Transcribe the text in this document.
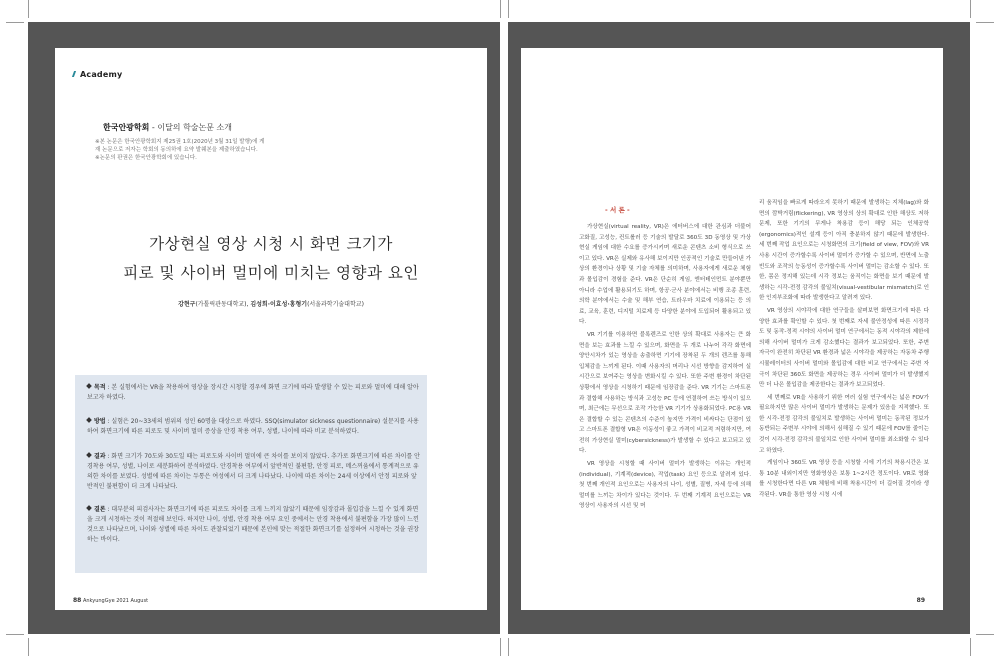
Academy
한국안광학회 - 이달의 학술논문 소개
※본 논문은 한국안광학회지 제25권 1호(2020년 3월 31일 발행)에 게재 논문으로 저자는 학회의 동의하에 요약 발췌본을 제출하였습니다.
※논문의 판권은 한국안광학회에 있습니다.
가상현실 영상 시청 시 화면 크기가
피로 및 사이버 멀미에 미치는 영향과 요인
강현구(가톨릭관동대학교), 김성희·이효성·홍형기(서울과학기술대학교)
목적 : 본 실험에서는 VR을 착용하여 영상을 장시간 시청할 경우에 화면 크기에 따라 발생할 수 있는 피로와 멀미에 대해 알아보고자 하였다.
방법 : 실험은 20~33세의 범위의 성인 60명을 대상으로 하였다. SSQ(simulator sickness questionnaire) 설문지를 사용하여 화면크기에 따른 피로도 및 사이버 멀미 증상을 안경 착용 여부, 성별, 나이에 따라 비교 분석하였다.
결과 : 화면 크기가 70도와 30도일 때는 피로도와 사이버 멀미에 큰 차이를 보이지 않았다. 추가로 화면크기에 따른 차이를 안경착용 여부, 성별, 나이로 세분화하여 분석하였다. 안경착용 여부에서 앞반적인 불편함, 안정 피로, 메스꺼움에서 통계적으로 유의한 차이를 보였다. 성별에 따른 차이는 두통은 여성에서 더 크게 나타났다. 나이에 따른 차이는 24세 이상에서 안정 피로와 앞반적인 불편함이 더 크게 나타났다.
결론 : 대부분의 피검사자는 화면크기에 따른 피로도 차이를 크게 느끼지 않았기 때문에 임장감과 몰입감을 느낄 수 있게 화면을 크게 시청하는 것이 적절해 보인다. 하지만 나이, 성별, 안경 착용 여부 요인 중에서는 안경 착용에서 불편함을 가장 많이 느낀 것으로 나타났으며, 나이와 성별에 따른 차이도 관찰되었기 때문에 본인에 맞는 적절한 화면크기를 설정하여 시청하는 것을 권장하는 바이다.
88 AnkyungGye 2021 August
- 서 론 -

가상현실(virtual reality, VR)은 에터버스에 대한 관심과 더불어 고화질, 고성능, 컨트롤러 등 기술의 발달로 360도 3D 동영상 및 가상현실 게임에 대한 수요를 증가시키며 새로운 콘텐츠 소비 형식으로 쓰이고 있다. VR은 실제와 유사해 보이지만 인공적인 기술로 만들어낸 가상의 환경이나 상황 및 기술 자체를 의미하며, 사용자에게 새로운 체험과 몰입감이 경험을 준다. VR은 단순히 게임, 엔터테인먼트 분야뿐만 아니라 수업에 활용되기도 하며, 항공·군사 분야에서는 비행 조종 훈련, 의학 분야에서는 수술 및 해부 연습, 트라우마 치료에 이용되는 등 의료, 교육, 훈련, 디지털 치료제 등 다양한 분야에 도입되어 활용되고 있다.

VR 기기를 이용하면 블록렌즈로 인한 상의 확대로 사용자는 큰 화면을 보는 효과를 느낄 수 있으며, 화면을 두 개로 나누어 각각 화면에 양안시차가 있는 영상을 송출하면 기기에 장착된 두 개의 렌즈를 통해 입체감을 느끼게 된다. 이때 사용자의 머리나 시선 방향을 감지하여 실시간으로 보여주는 영상을 변화시킬 수 있다. 또한 주변 환경이 차단된 상황에서 영상을 시청하기 때문에 임장감을 준다. VR 기기는 스마트폰과 결합해 사용하는 방식과 고성능 PC 등에 연결하여 쓰는 방식이 있으며, 최근에는 무선으로 조작 가능한 VR 기기가 상용화되었다. PC용 VR은 결합할 수 있는 콘텐츠의 수준이 높지만 가격이 비싸다는 단점이 있고 스마트폰 결합형 VR은 이동성이 좋고 가격이 비교적 저렴하지만, 여전히 가상현실 멀미(cybersickness)가 발생할 수 있다고 보고되고 있다.

VR 영상을 시청할 때 사이버 멀미가 발생하는 이유는 개인적(individual), 기계적(device), 작업(task) 요인 등으로 알려져 있다. 첫 번째 개인적 요인으로는 사용자의 나이, 성별, 질병, 자세 등에 의해 멀미를 느끼는 차이가 있다는 것이다. 두 번째 기계적 요인으로는 VR 영상이 사용자의 시선 및 머

리 움직임을 빠르게 따라오지 못하기 때문에 발생하는 지체(lag)와 화면의 깜박거림(flickering), VR 영상의 상의 확대로 인한 해상도 저하 문제, 또한 기기의 무게나 착용감 등이 해당 되는 인체공학(ergonomics)적인 설계 등이 아직 충분하지 않기 때문에 발생한다. 세 번째 작업 요인으로는 시청화면의 크기(field of view, FOV)와 VR 사용 시간이 증가할수록 사이버 멀미가 증가할 수 있으며, 반면에 노출 빈도와 조작의 능동성이 증가할수록 사이버 멀미는 감소할 수 있다. 또한, 몸은 정지해 있는데 시각 정보는 움직이는 화면을 보기 때문에 발생하는 시각-전정 감각의 불일치(visual-vestibular mismatch)로 인한 인지부조화에 따라 발생한다고 알려져 있다.

VR 영상의 시야각에 대한 연구들을 살펴보면 화면크기에 따른 다양한 효과를 확인할 수 있다. 첫 번째로 자세 불안정성에 따른 시정각도 및 동작-정적 시야의 사이버 멀미 연구에서는 동적 시야각의 제한에 의해 사이버 멀미가 크게 감소했다는 결과가 보고되었다. 또한, 주변 자극이 완전히 차단된 VR 환경과 넓은 시야각을 제공하는 자동차 주행 시뮬레이터의 사이버 멀미와 몰입감에 대한 비교 연구에서는 주변 자극이 차단된 360도 화면을 제공하는 경우 사이버 멀미가 더 발생했지만 더 나은 몰입감을 제공한다는 결과가 보고되었다.

세 번째로 VR을 사용하기 위한 여러 실험 연구에서는 넓은 FOV가 필요하지만 많은 사이버 멀미가 발생하는 문제가 있음을 지적했다. 또한 시각-전정 감각의 불일치로 발생하는 사이버 멀미는 동작된 정보가 동반되는 주변부 시야에 의해서 심해질 수 있기 때문에 FOV를 줄이는 것이 시각-전정 감각의 불일치로 인한 사이버 멀미를 최소화할 수 있다고 하였다.

게임이나 360도 VR 영상 등을 시청할 시에 기기의 착용시간은 보통 10분 내외이지만 영화영상은 보통 1~2시간 정도이다. VR로 영화를 시청한다면 다른 VR 체험에 비해 착용시간이 더 길어질 것이라 생각된다. VR을 통한 영상 시청 시에

89
